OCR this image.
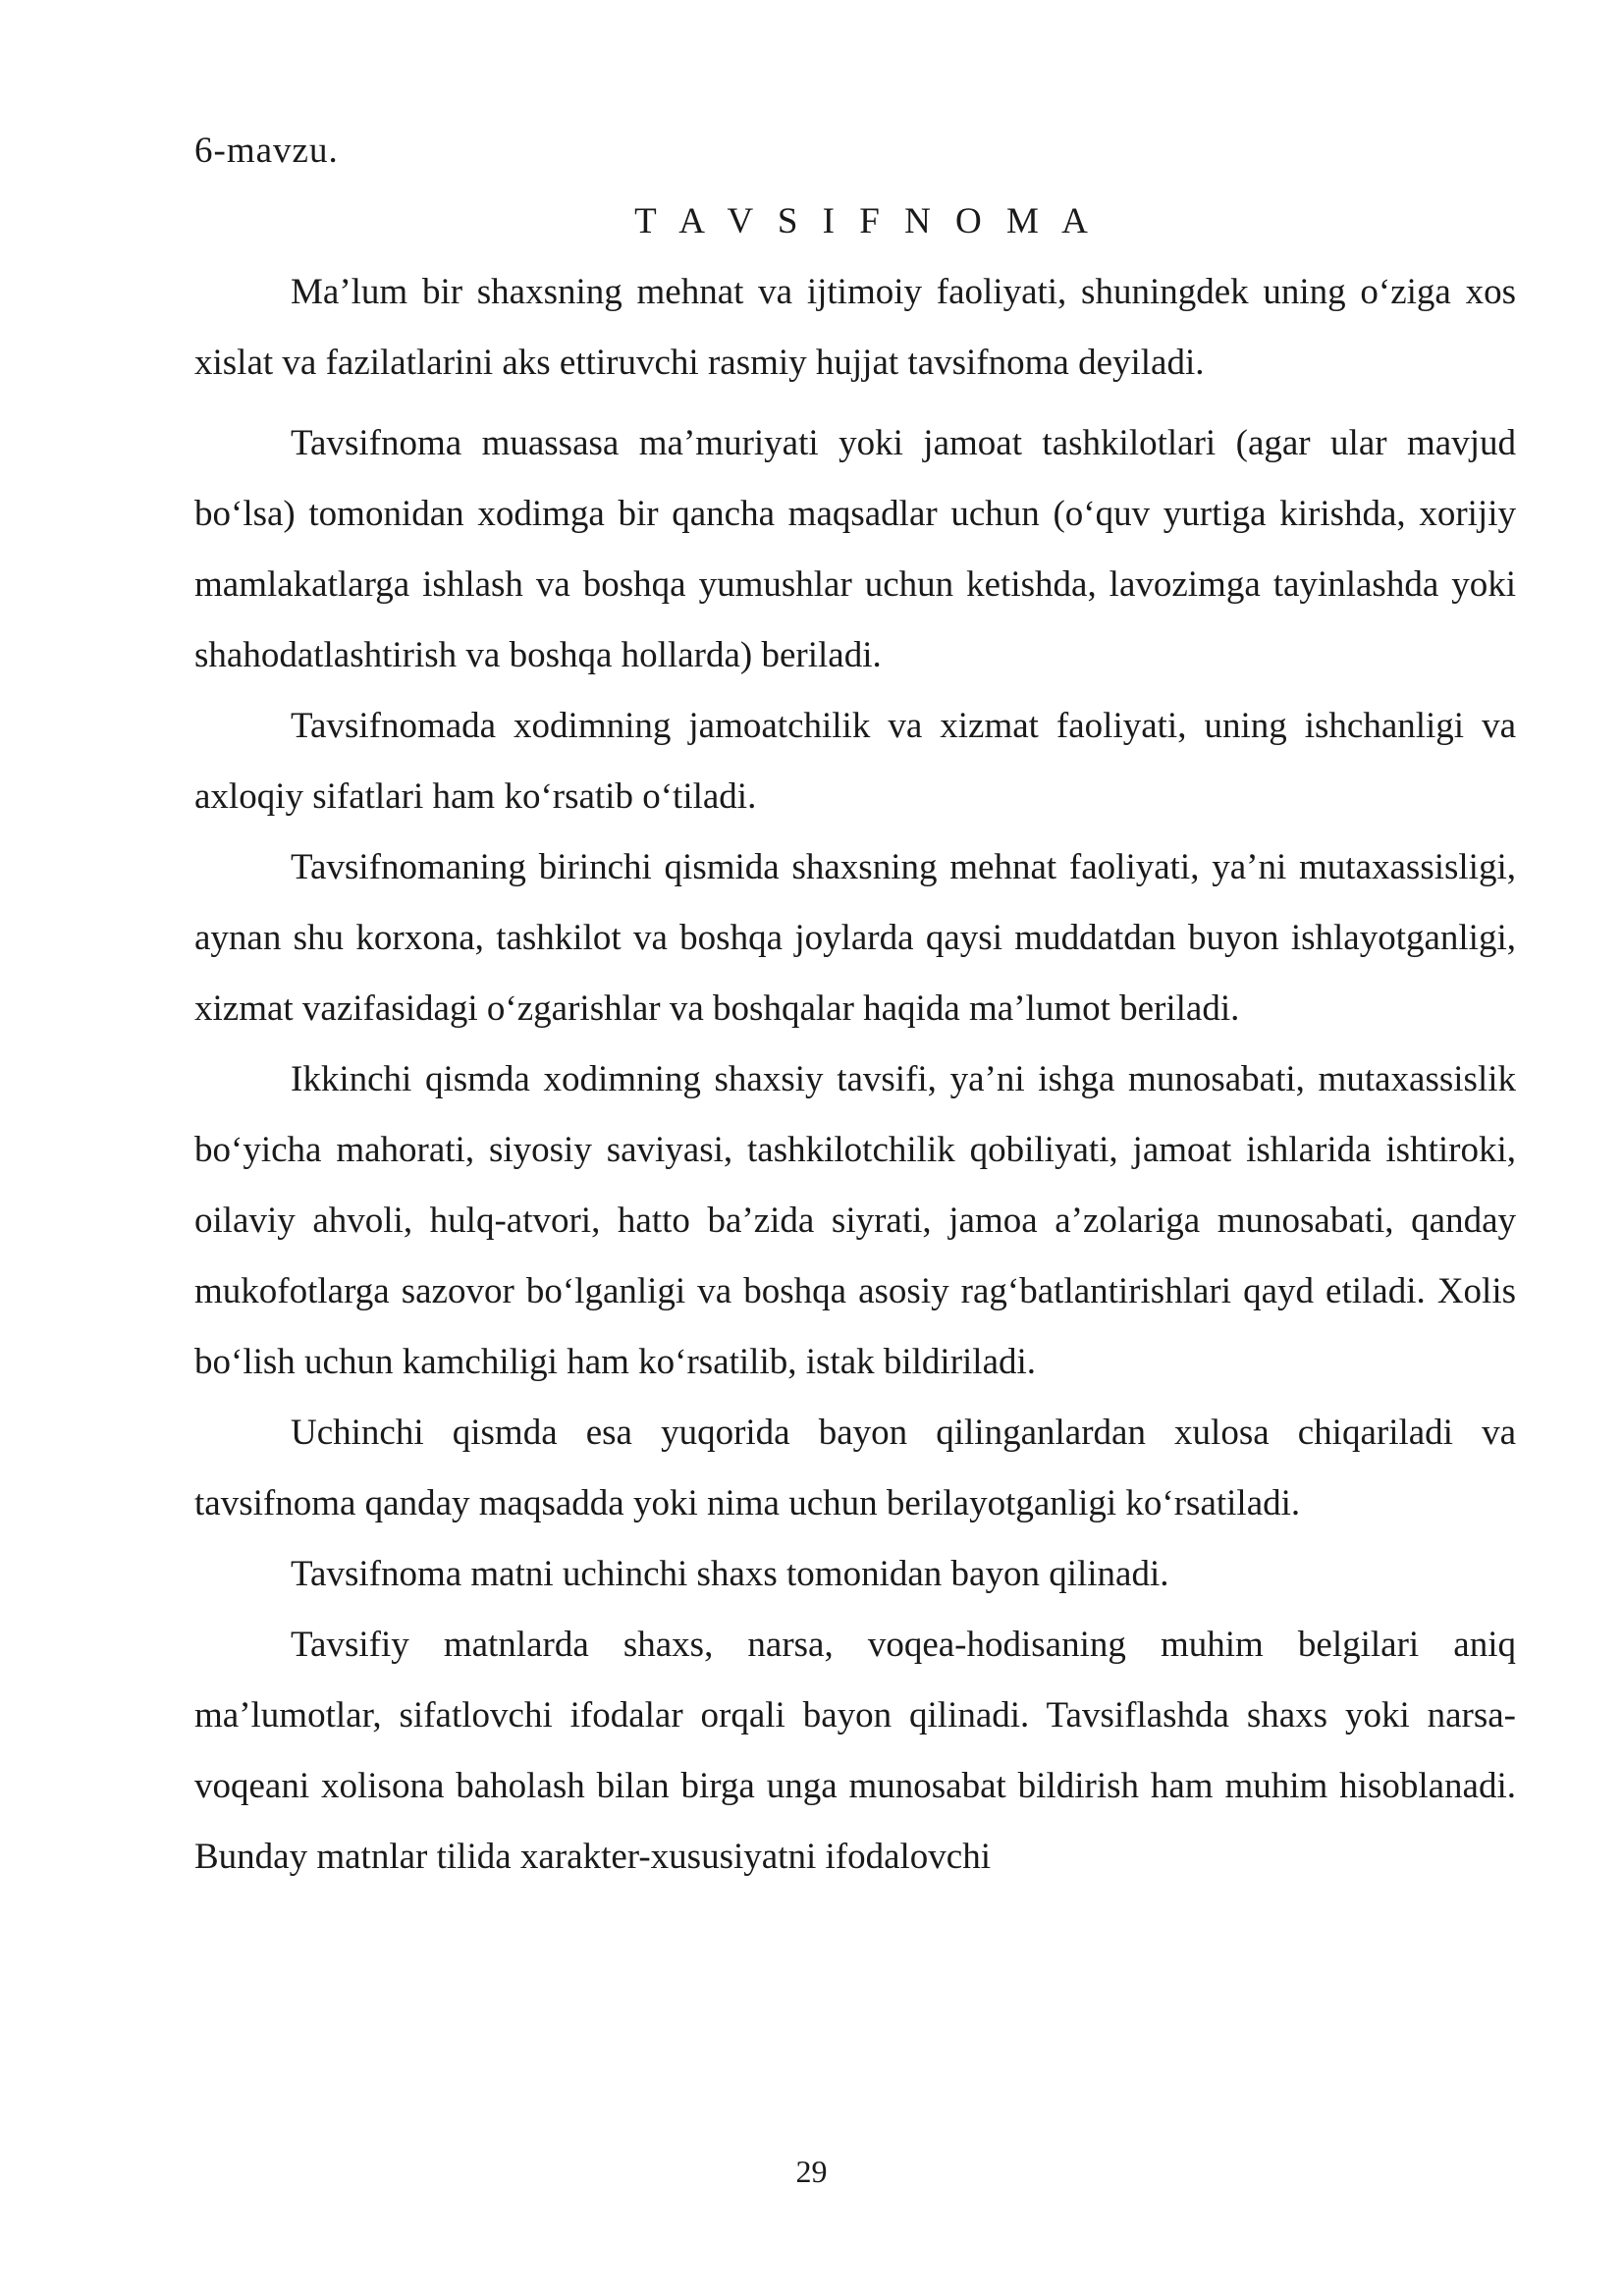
6-mavzu.

T A V S I F N O M A

Ma’lum bir shaxsning mehnat va ijtimoiy faoliyati, shuningdek uning o‘ziga xos xislat va fazilatlarini aks ettiruvchi rasmiy hujjat tavsifnoma deyiladi.

Tavsifnoma muassasa ma’muriyati yoki jamoat tashkilotlari (agar ular mavjud bo‘lsa) tomonidan xodimga bir qancha maqsadlar uchun (o‘quv yurtiga kirishda, xorijiy mamlakatlarga ishlash va boshqa yumushlar uchun ketishda, lavozimga tayinlashda yoki shahodatlashtirish va boshqa hollarda) beriladi.

Tavsifnomada xodimning jamoatchilik va xizmat faoliyati, uning ishchanligi va axloqiy sifatlari ham ko‘rsatib o‘tiladi.

Tavsifnomaning birinchi qismida shaxsning mehnat faoliyati, ya’ni mutaxassisligi, aynan shu korxona, tashkilot va boshqa joylarda qaysi muddatdan buyon ishlayotganligi, xizmat vazifasidagi o‘zgarishlar va boshqalar haqida ma’lumot beriladi.

Ikkinchi qismda xodimning shaxsiy tavsifi, ya’ni ishga munosabati, mutaxassislik bo‘yicha mahorati, siyosiy saviyasi, tashkilotchilik qobiliyati, jamoat ishlarida ishtiroki, oilaviy ahvoli, hulq-atvori, hatto ba’zida siyrati, jamoa a’zolariga munosabati, qanday mukofotlarga sazovor bo‘lganligi va boshqa asosiy rag‘batlantirishlari qayd etiladi. Xolis bo‘lish uchun kamchiligi ham ko‘rsatilib, istak bildiriladi.

Uchinchi qismda esa yuqorida bayon qilinganlardan xulosa chiqariladi va tavsifnoma qanday maqsadda yoki nima uchun berilayotganligi ko‘rsatiladi.

Tavsifnoma matni uchinchi shaxs tomonidan bayon qilinadi.

Tavsifiy matnlarda shaxs, narsa, voqea-hodisaning muhim belgilari aniq ma’lumotlar, sifatlovchi ifodalar orqali bayon qilinadi. Tavsiflashda shaxs yoki narsa-voqeani xolisona baholash bilan birga unga munosabat bildirish ham muhim hisoblanadi. Bunday matnlar tilida xarakter-xususiyatni ifodalovchi

29
